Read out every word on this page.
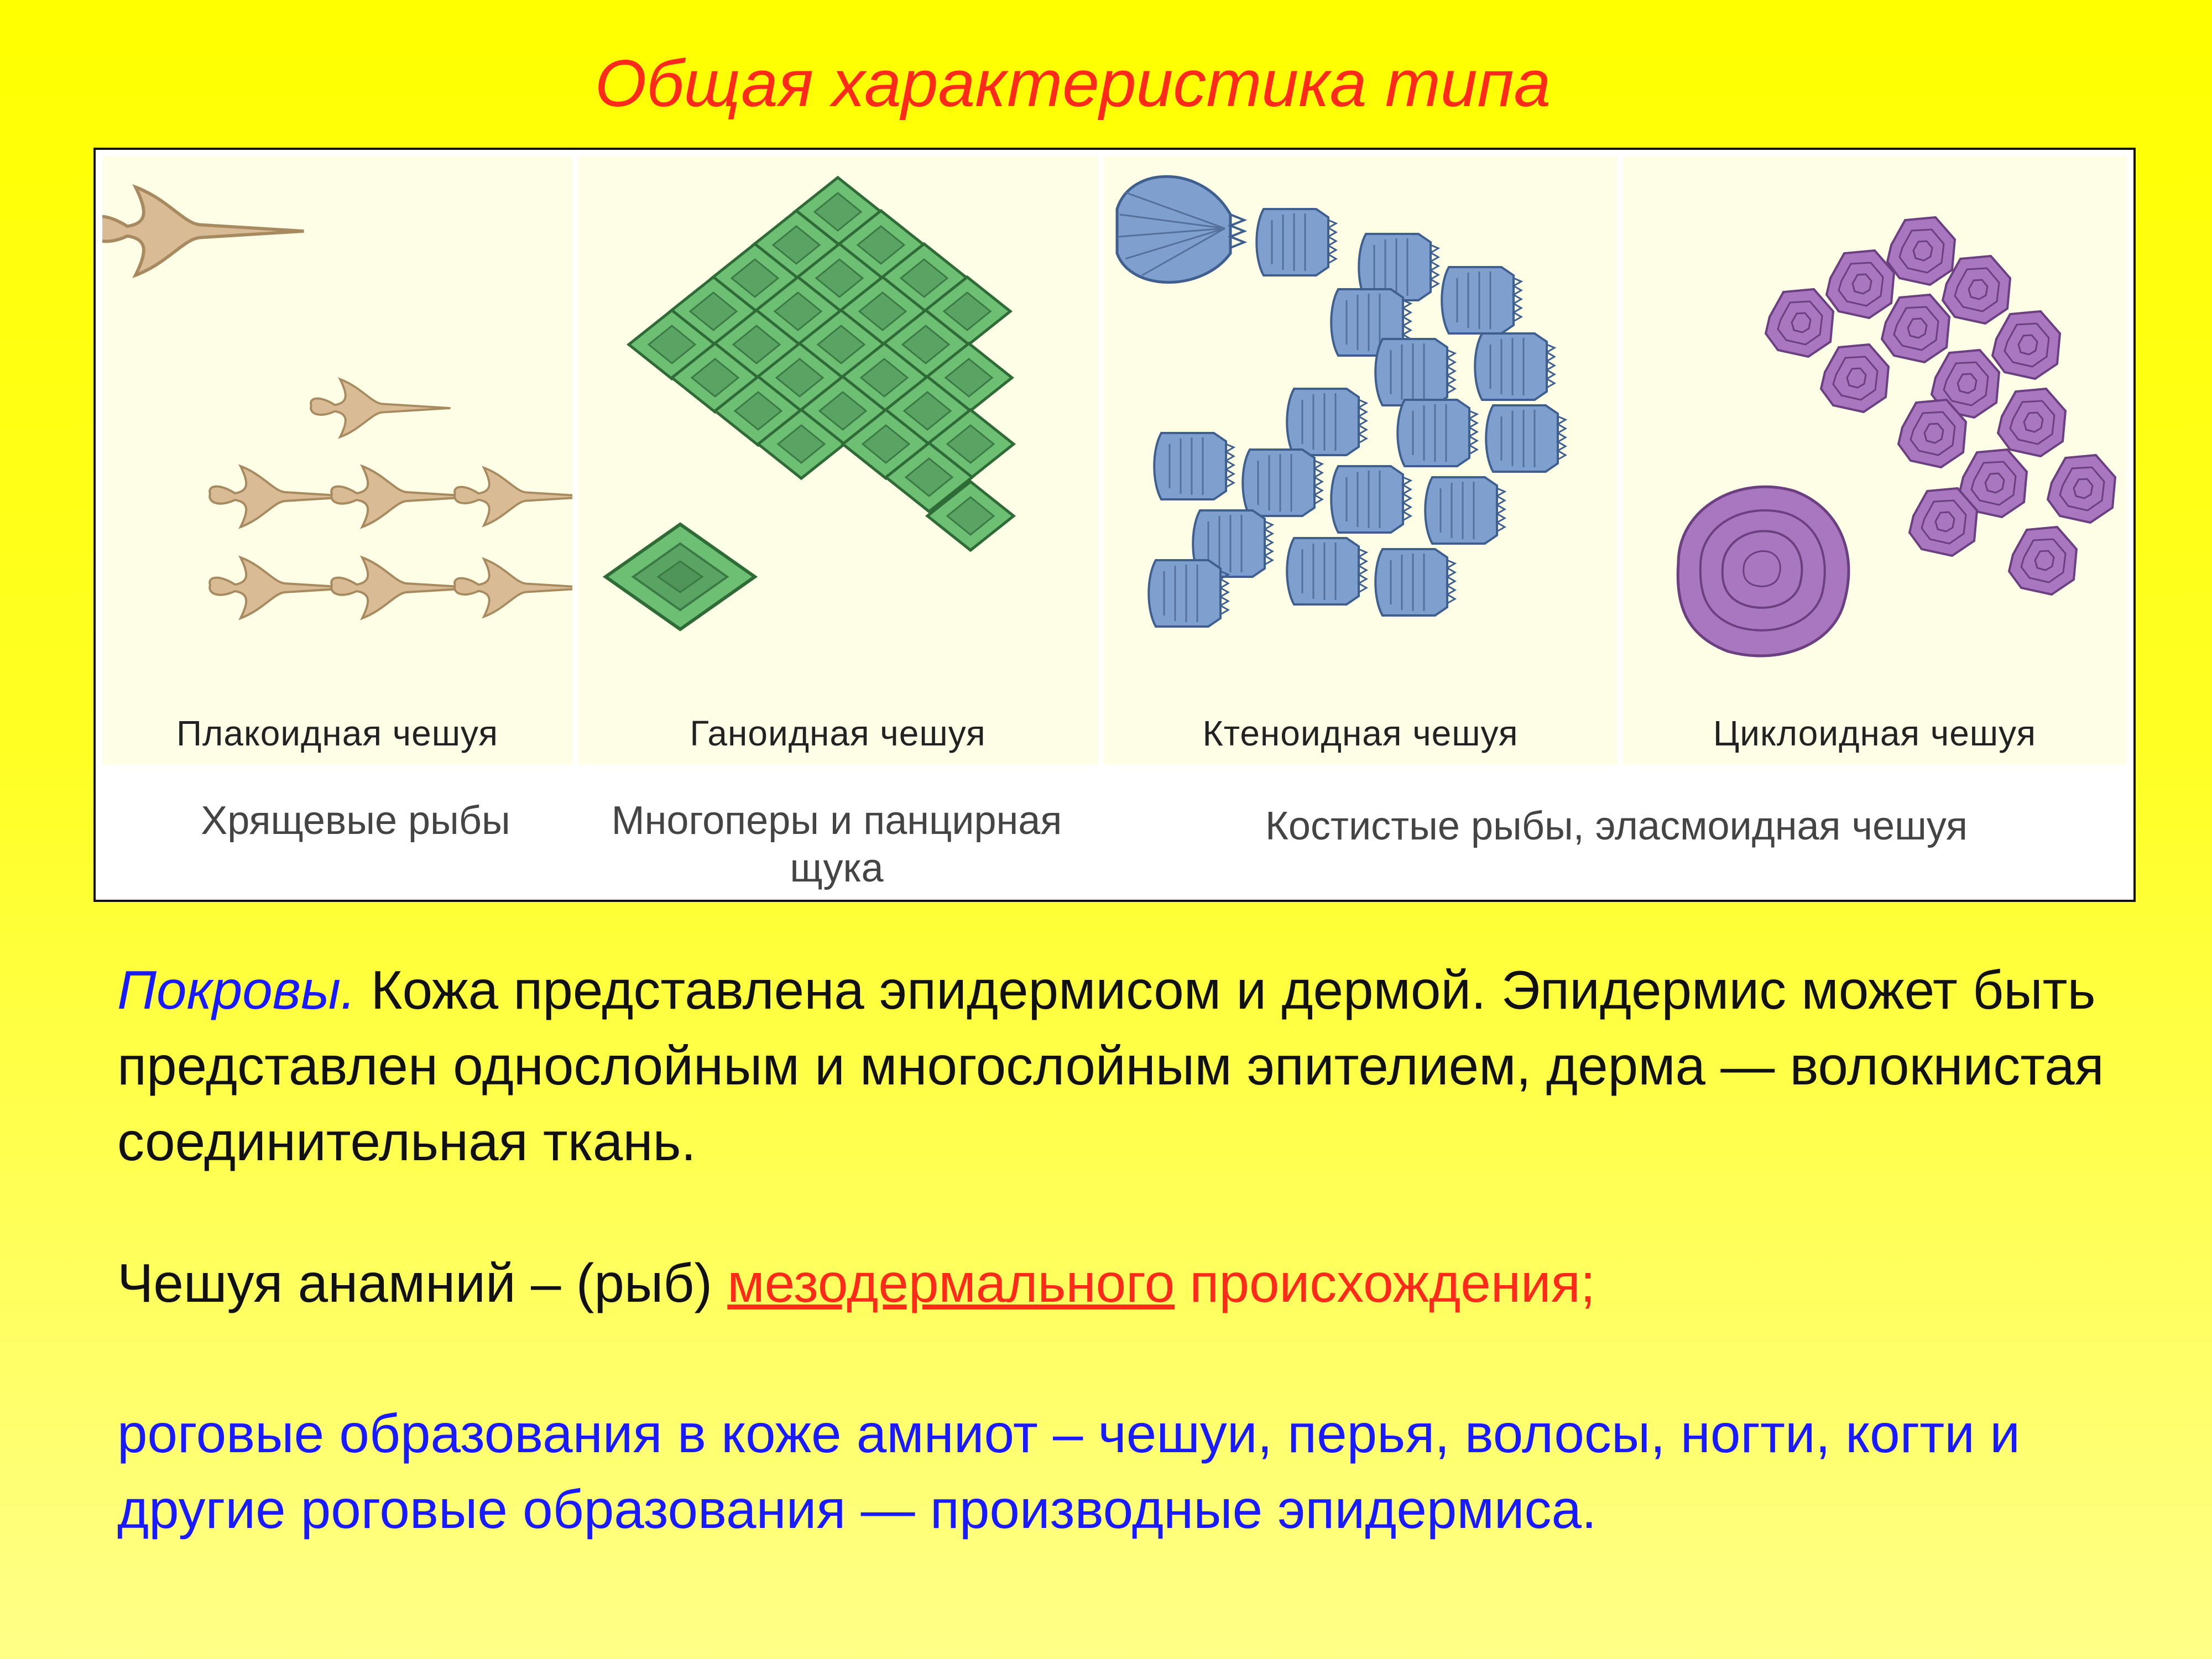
Общая характеристика типа
Плакоидная чешуя	Ганоидная чешуя	Ктеноидная чешуя	Циклоидная чешуя
Хрящевые рыбы	Многоперы и панцирная щука
Костистые рыбы, эласмоидная чешуя
Покровы. Кожа представлена эпидермисом и дермой. Эпидермис может быть представлен однослойным и многослойным эпителием, дерма — волокнистая соединительная ткань.
Чешуя анамний – (рыб) мезодермального происхождения;
роговые образования в коже амниот – чешуи, перья, волосы, ногти, когти и другие роговые образования — производные эпидермиса.
